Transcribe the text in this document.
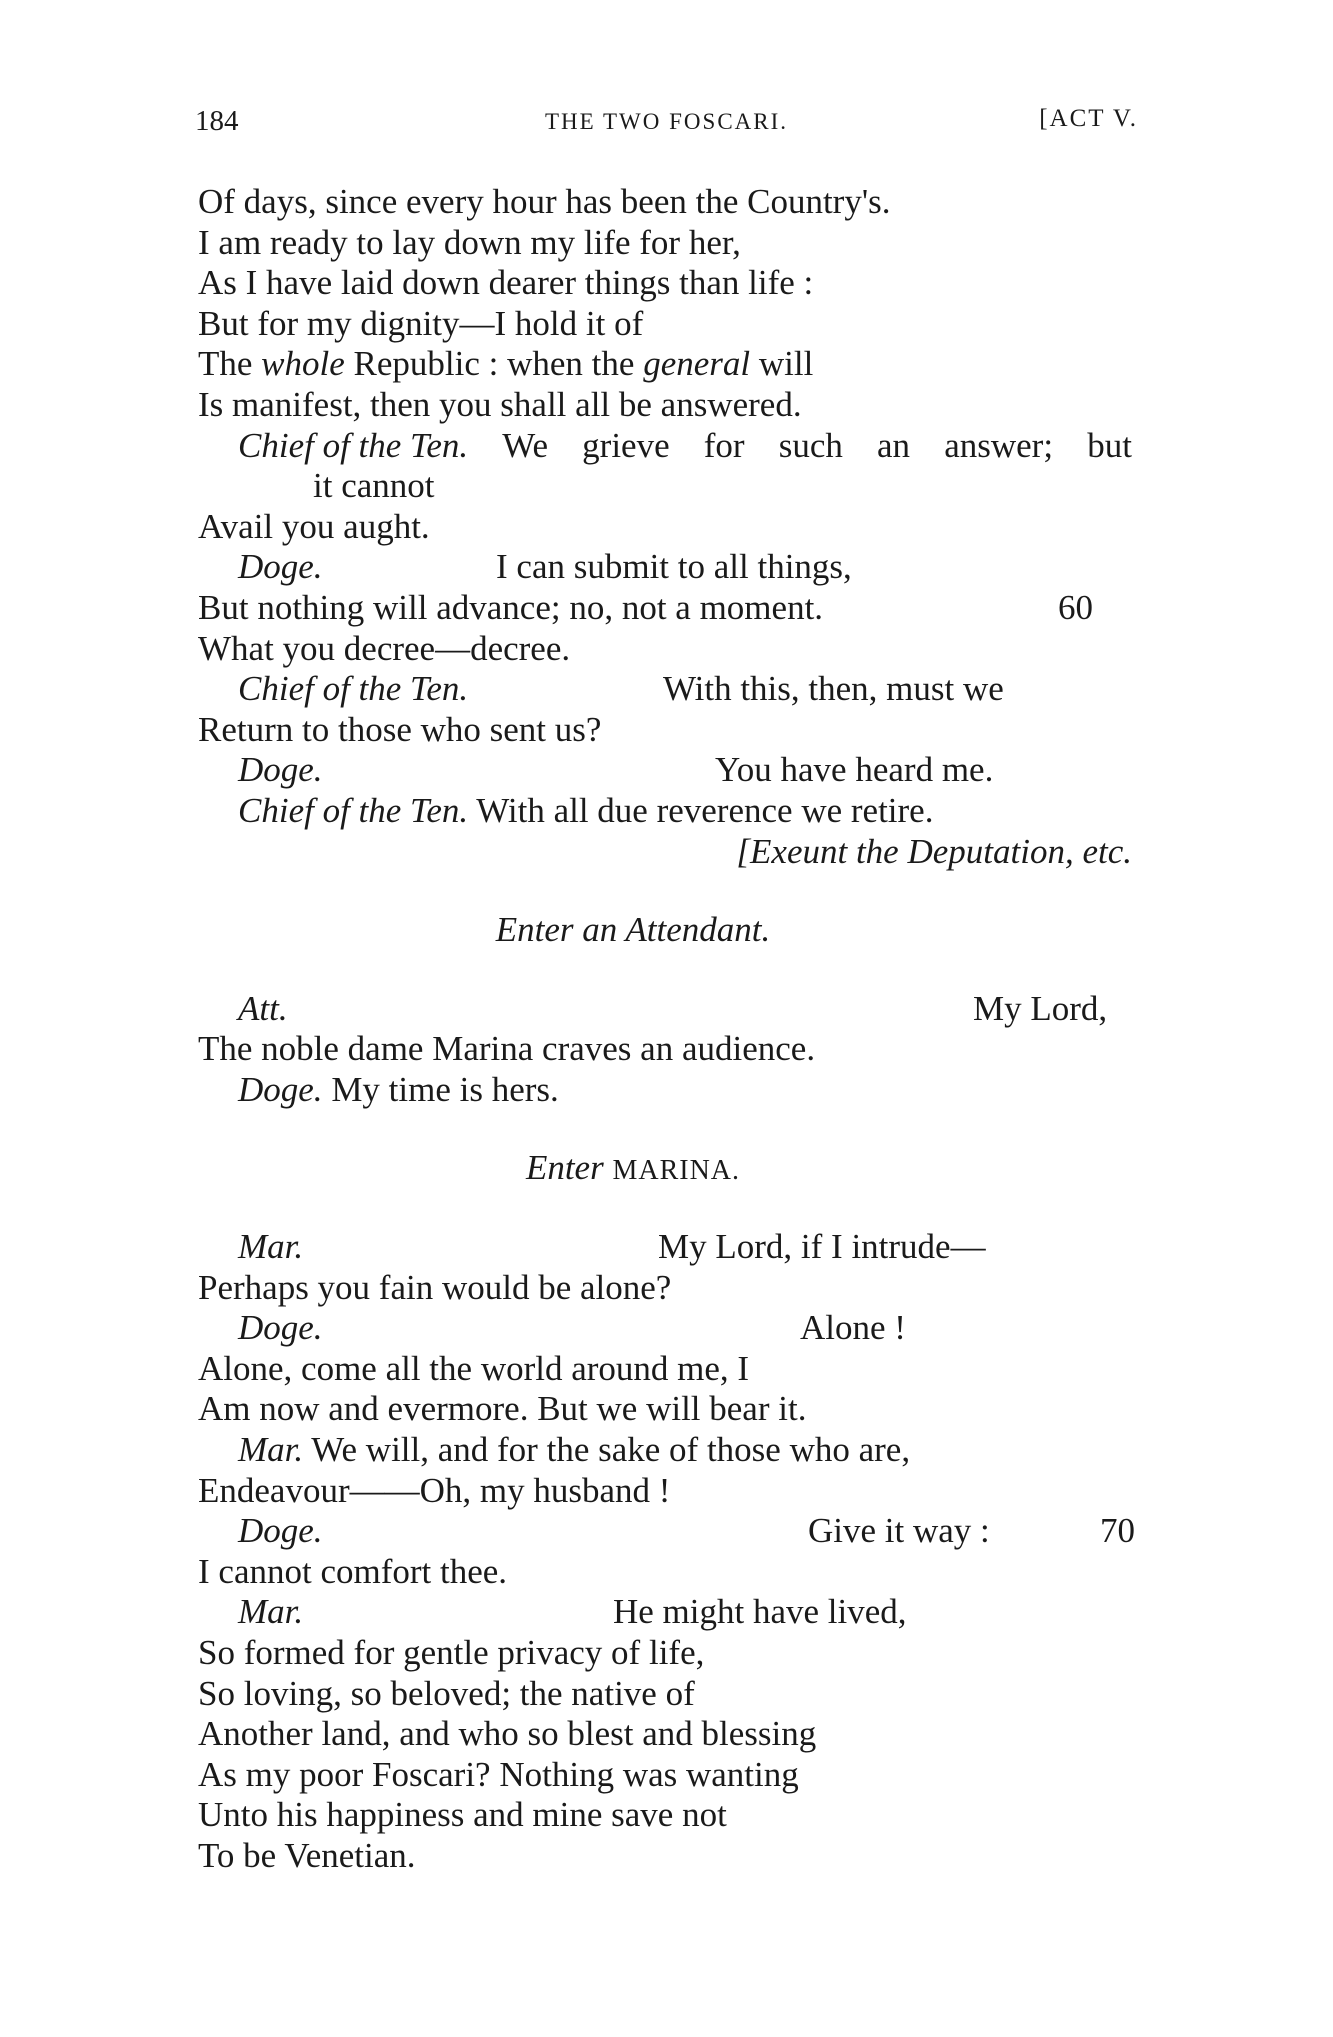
184	THE TWO FOSCARI.	[ACT V.
Of days, since every hour has been the Country's.
I am ready to lay down my life for her,
As I have laid down dearer things than life :
But for my dignity—I hold it of
The whole Republic : when the general will
Is manifest, then you shall all be answered.
Chief of the Ten. We grieve for such an answer; but
it cannot
Avail you aught.
Doge.	I can submit to all things,
But nothing will advance; no, not a moment.	60
What you decree—decree.
Chief of the Ten.	With this, then, must we
Return to those who sent us?
Doge.	You have heard me.
Chief of the Ten. With all due reverence we retire.
[Exeunt the Deputation, etc.
Enter an Attendant.
Att.	My Lord,
The noble dame Marina craves an audience.
Doge. My time is hers.
Enter MARINA.
Mar.	My Lord, if I intrude—
Perhaps you fain would be alone?
Doge.	Alone !
Alone, come all the world around me, I
Am now and evermore. But we will bear it.
Mar. We will, and for the sake of those who are,
Endeavour——Oh, my husband !
Doge.	Give it way :	70
I cannot comfort thee.
Mar.	He might have lived,
So formed for gentle privacy of life,
So loving, so beloved; the native of
Another land, and who so blest and blessing
As my poor Foscari? Nothing was wanting
Unto his happiness and mine save not
To be Venetian.
